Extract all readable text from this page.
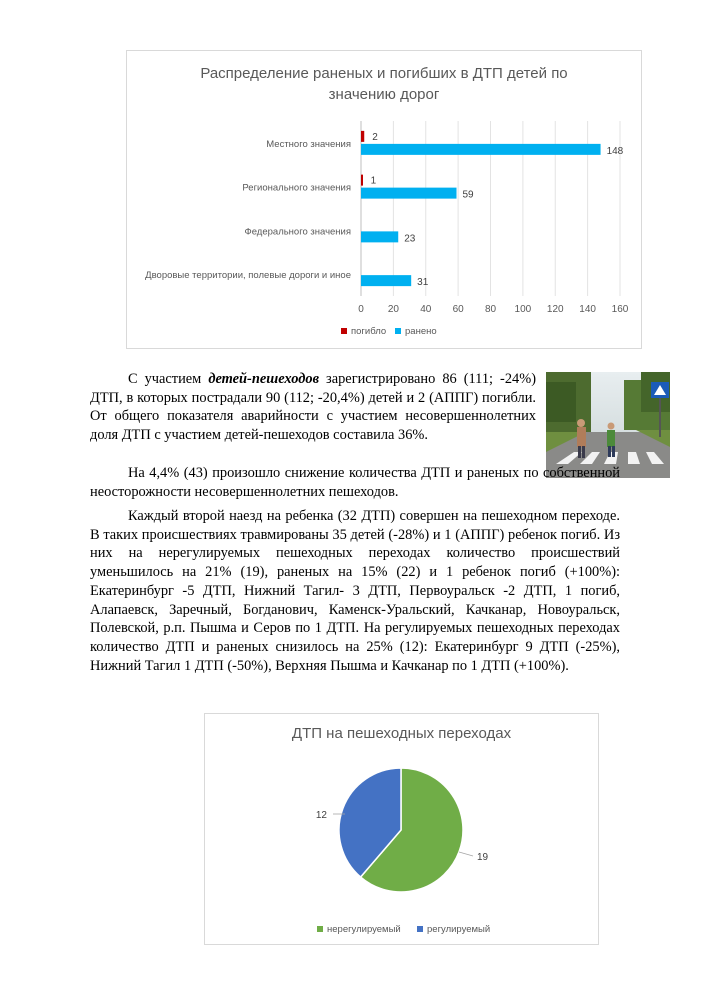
Распределение раненых и погибших в ДТП детей по значению дорог
0 20 40 60 80 100 120 140 160
Местного значения
2
148
Регионального значения
1
59
Федерального значения
23
Дворовые территории, полевые дороги и иное
31
погибло ранено

С участием детей-пешеходов зарегистрировано 86 (111; -24%) ДТП, в которых пострадали 90 (112; -20,4%) детей и 2 (АППГ) погибли. От общего показателя аварийности с участием несовершеннолетних доля ДТП с участием детей-пешеходов составила 36%.

На 4,4% (43) произошло снижение количества ДТП и раненых по собственной неосторожности несовершеннолетних пешеходов.

Каждый второй наезд на ребенка (32 ДТП) совершен на пешеходном переходе. В таких происшествиях травмированы 35 детей (-28%) и 1 (АППГ) ребенок погиб. Из них на нерегулируемых пешеходных переходах количество происшествий уменьшилось на 21% (19), раненых на 15% (22) и 1 ребенок погиб (+100%): Екатеринбург -5 ДТП, Нижний Тагил- 3 ДТП, Первоуральск -2 ДТП, 1 погиб, Алапаевск, Заречный, Богданович, Каменск-Уральский, Качканар, Новоуральск, Полевской, р.п. Пышма и Серов по 1 ДТП. На регулируемых пешеходных переходах количество ДТП и раненых снизилось на 25% (12): Екатеринбург 9 ДТП (-25%), Нижний Тагил 1 ДТП (-50%), Верхняя Пышма и Качканар по 1 ДТП (+100%).

ДТП на пешеходных переходах
19
12
нерегулируемый	регулируемый
